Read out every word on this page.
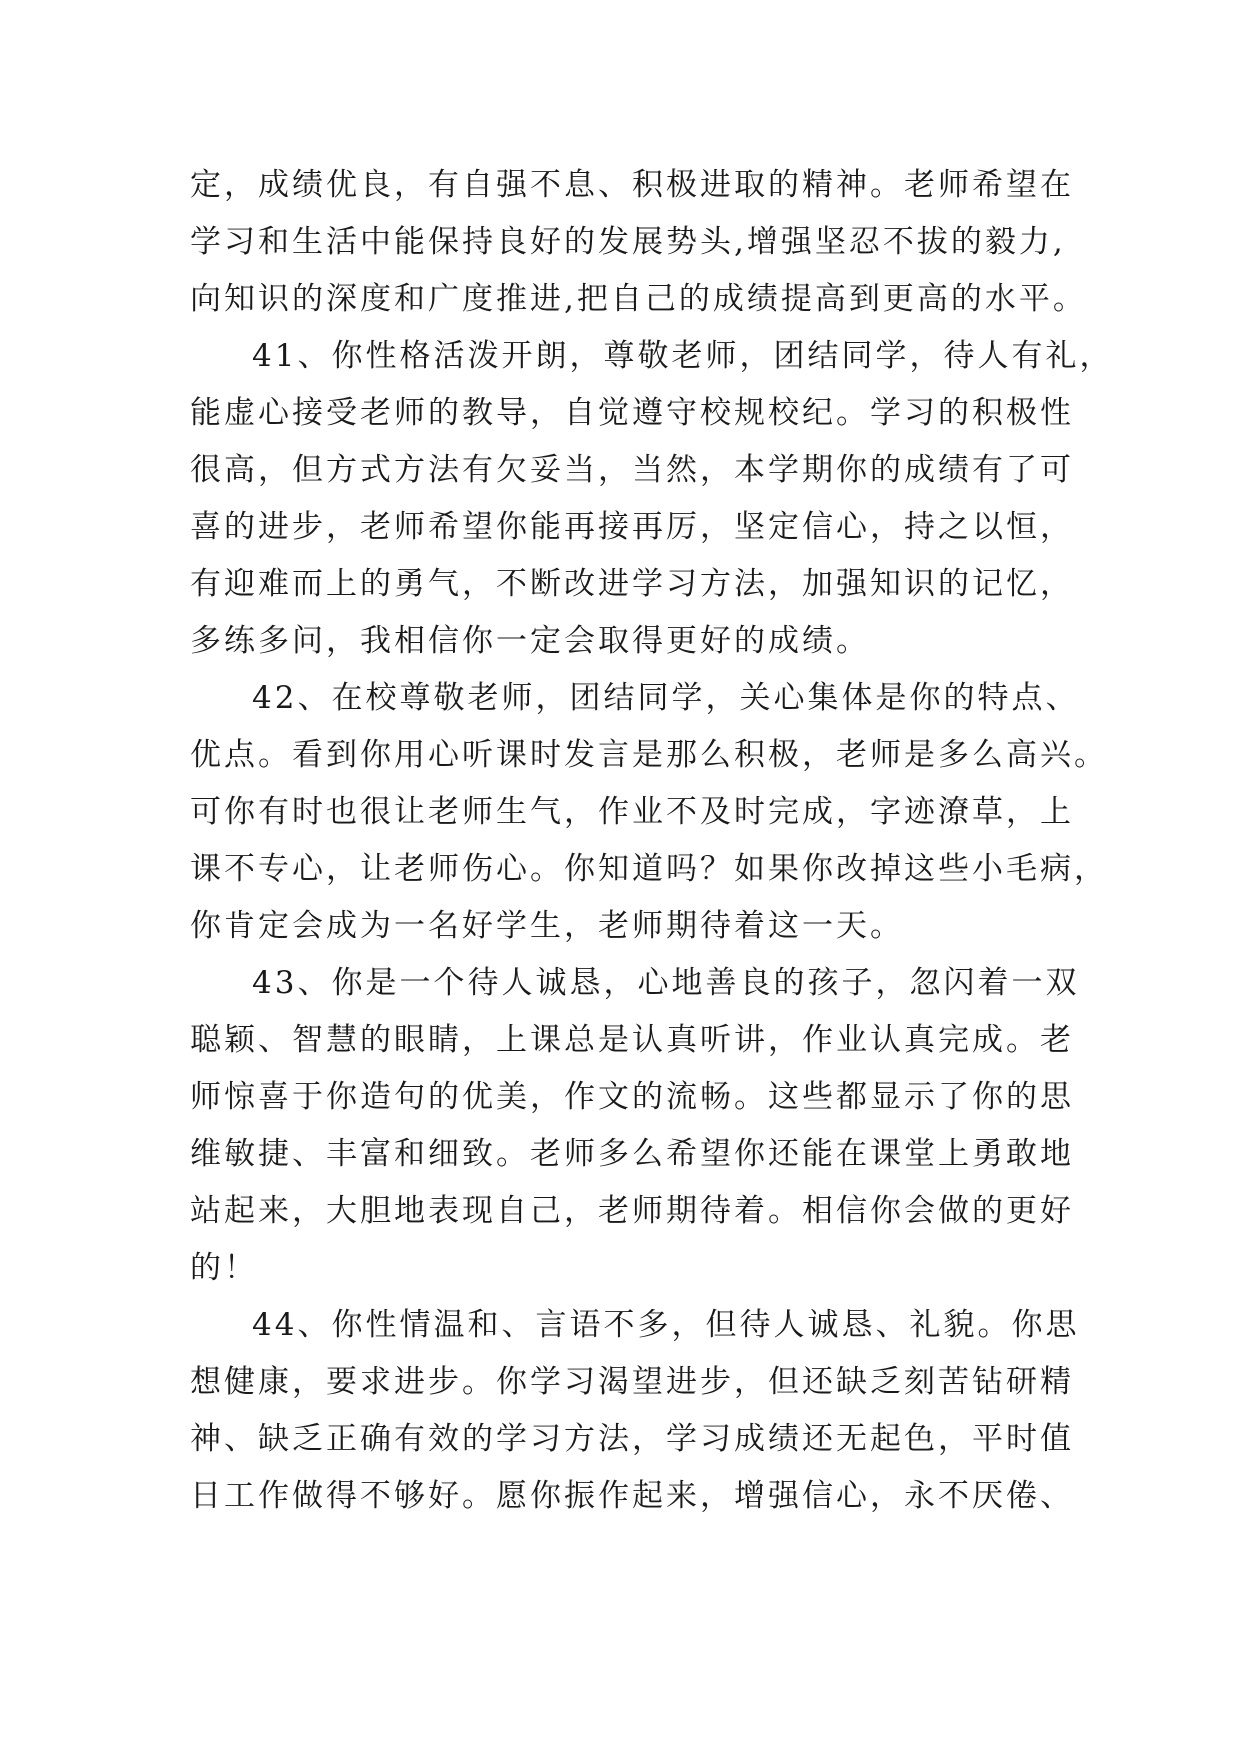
定，成绩优良，有自强不息、积极进取的精神。老师希望在
学习和生活中能保持良好的发展势头,增强坚忍不拔的毅力,
向知识的深度和广度推进,把自己的成绩提高到更高的水平。
41、你性格活泼开朗，尊敬老师，团结同学，待人有礼，
能虚心接受老师的教导，自觉遵守校规校纪。学习的积极性
很高，但方式方法有欠妥当，当然，本学期你的成绩有了可
喜的进步，老师希望你能再接再厉，坚定信心，持之以恒，
有迎难而上的勇气，不断改进学习方法，加强知识的记忆，
多练多问，我相信你一定会取得更好的成绩。
42、在校尊敬老师，团结同学，关心集体是你的特点、
优点。看到你用心听课时发言是那么积极，老师是多么高兴。
可你有时也很让老师生气，作业不及时完成，字迹潦草，上
课不专心，让老师伤心。你知道吗？如果你改掉这些小毛病，
你肯定会成为一名好学生，老师期待着这一天。
43、你是一个待人诚恳，心地善良的孩子，忽闪着一双
聪颖、智慧的眼睛，上课总是认真听讲，作业认真完成。老
师惊喜于你造句的优美，作文的流畅。这些都显示了你的思
维敏捷、丰富和细致。老师多么希望你还能在课堂上勇敢地
站起来，大胆地表现自己，老师期待着。相信你会做的更好
的！
44、你性情温和、言语不多，但待人诚恳、礼貌。你思
想健康，要求进步。你学习渴望进步，但还缺乏刻苦钻研精
神、缺乏正确有效的学习方法，学习成绩还无起色，平时值
日工作做得不够好。愿你振作起来，增强信心，永不厌倦、
